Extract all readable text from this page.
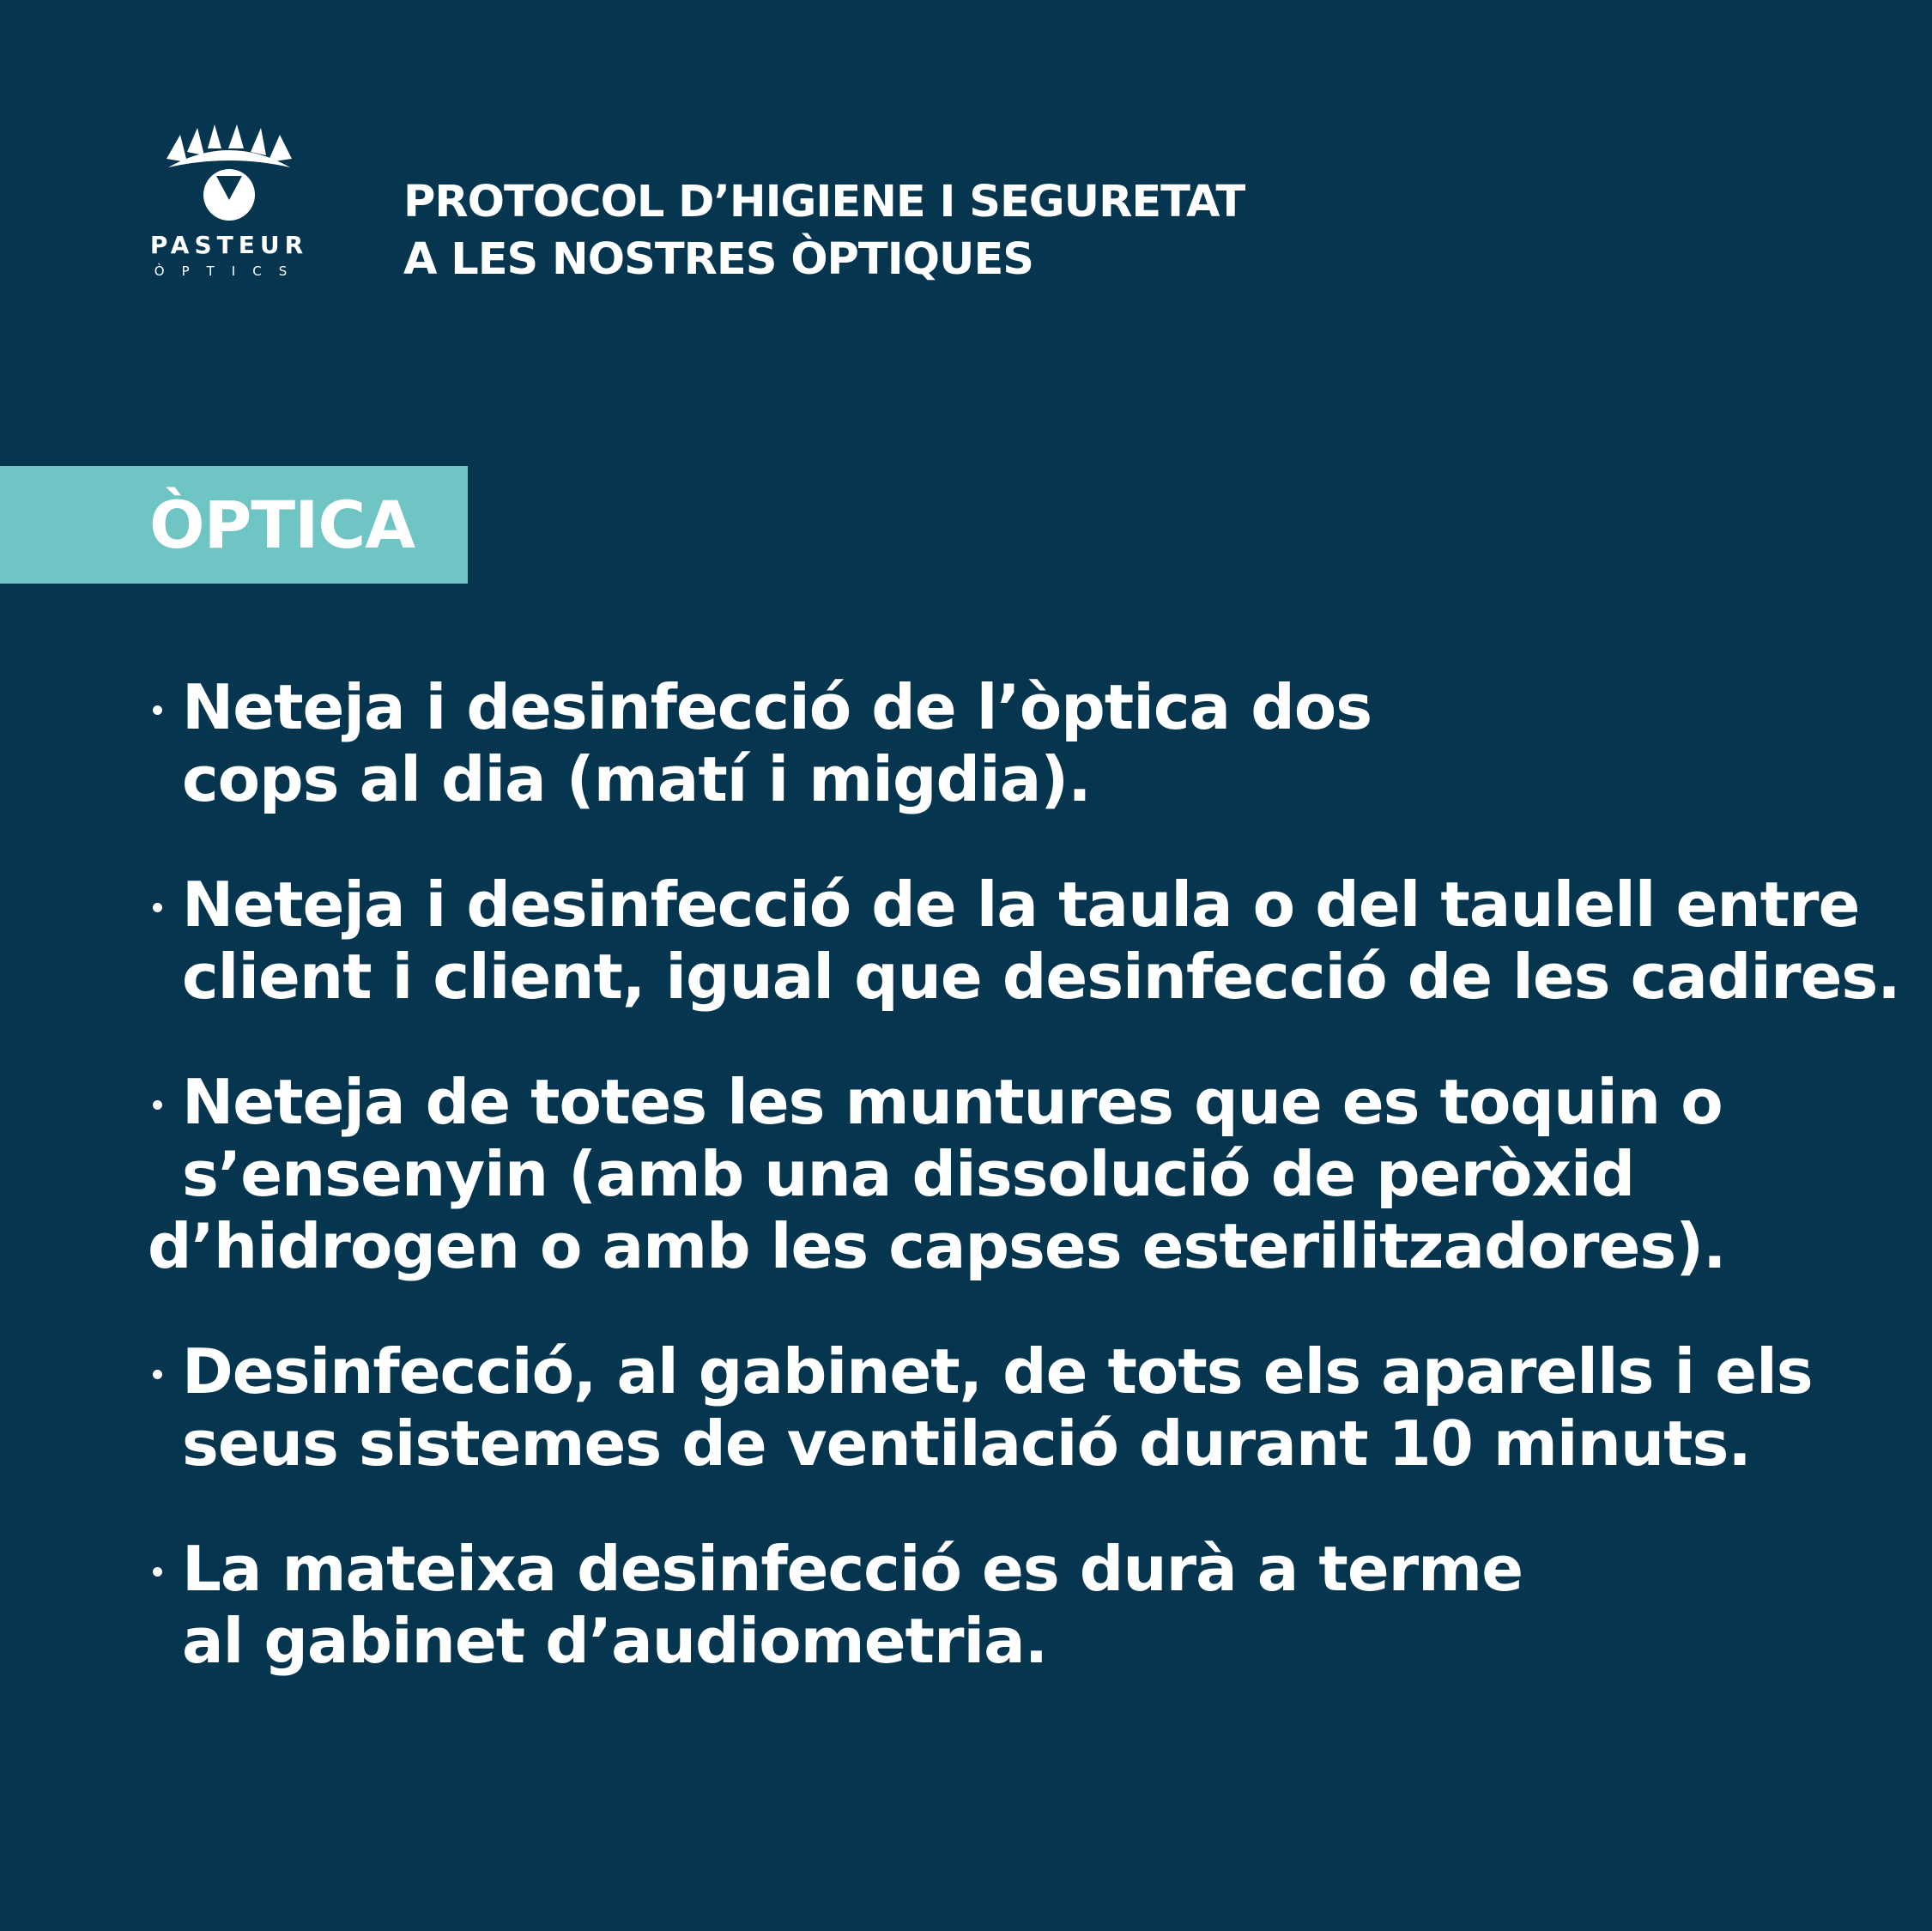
PASTEUR
ÒPTICS
PROTOCOL D’HIGIENE I SEGURETAT
A LES NOSTRES ÒPTIQUES
ÒPTICA
Neteja i desinfecció de l’òptica dos
cops al dia (matí i migdia).
Neteja i desinfecció de la taula o del taulell entre
client i client, igual que desinfecció de les cadires.
Neteja de totes les muntures que es toquin o
s’ensenyin (amb una dissolució de peròxid
d’hidrogen o amb les capses esterilitzadores).
Desinfecció, al gabinet, de tots els aparells i els
seus sistemes de ventilació durant 10 minuts.
La mateixa desinfecció es durà a terme
al gabinet d’audiometria.
